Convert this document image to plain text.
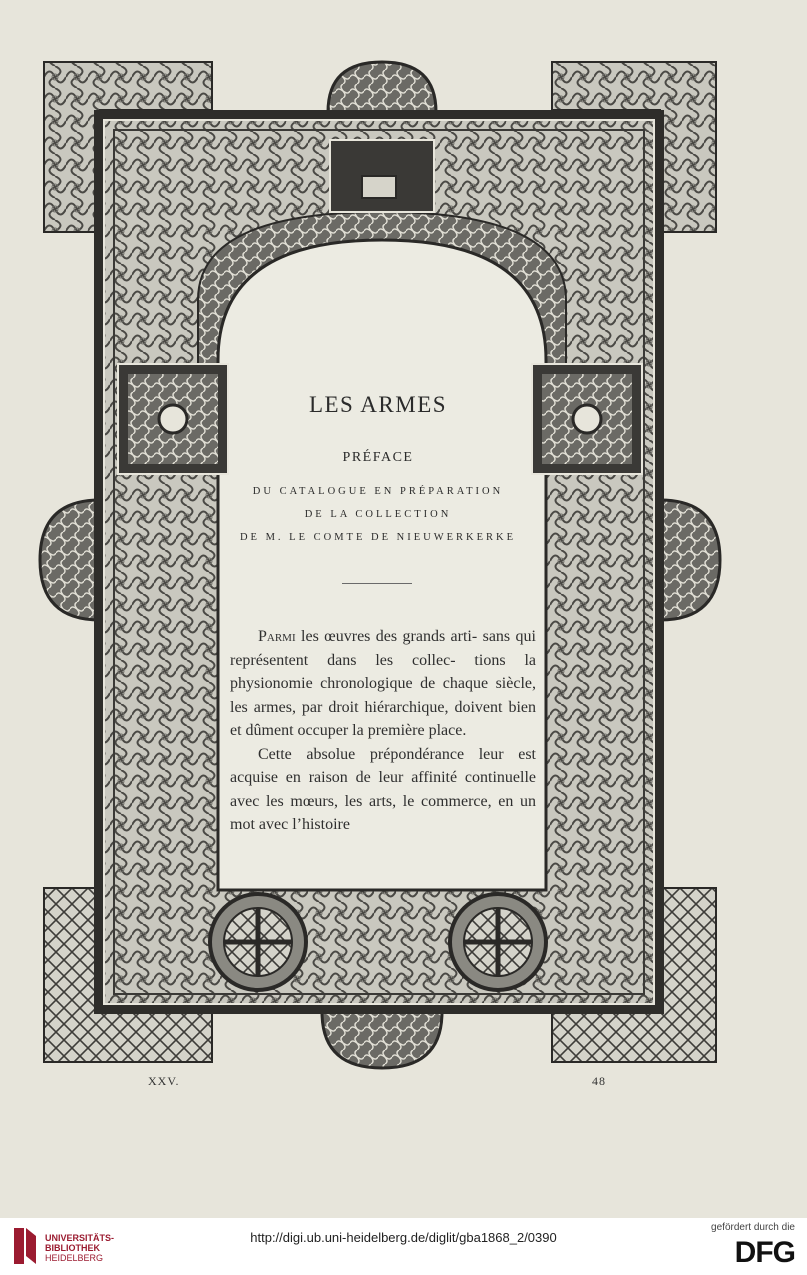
LES ARMES
PRÉFACE
DU CATALOGUE EN PRÉPARATION
DE LA COLLECTION
DE M. LE COMTE DE NIEUWERKERKE

Parmi les œuvres des grands arti- sans qui représentent dans les collec- tions la physionomie chronologique de chaque siècle, les armes, par droit hiérarchique, doivent bien et dûment occuper la première place.

Cette absolue prépondérance leur est acquise en raison de leur affinité continuelle avec les mœurs, les arts, le commerce, en un mot avec l’histoire

XXV.	48
UNIVERSITÄTS-
BIBLIOTHEK
HEIDELBERG
http://digi.ub.uni-heidelberg.de/diglit/gba1868_2/0390
gefördert durch die
DFG
